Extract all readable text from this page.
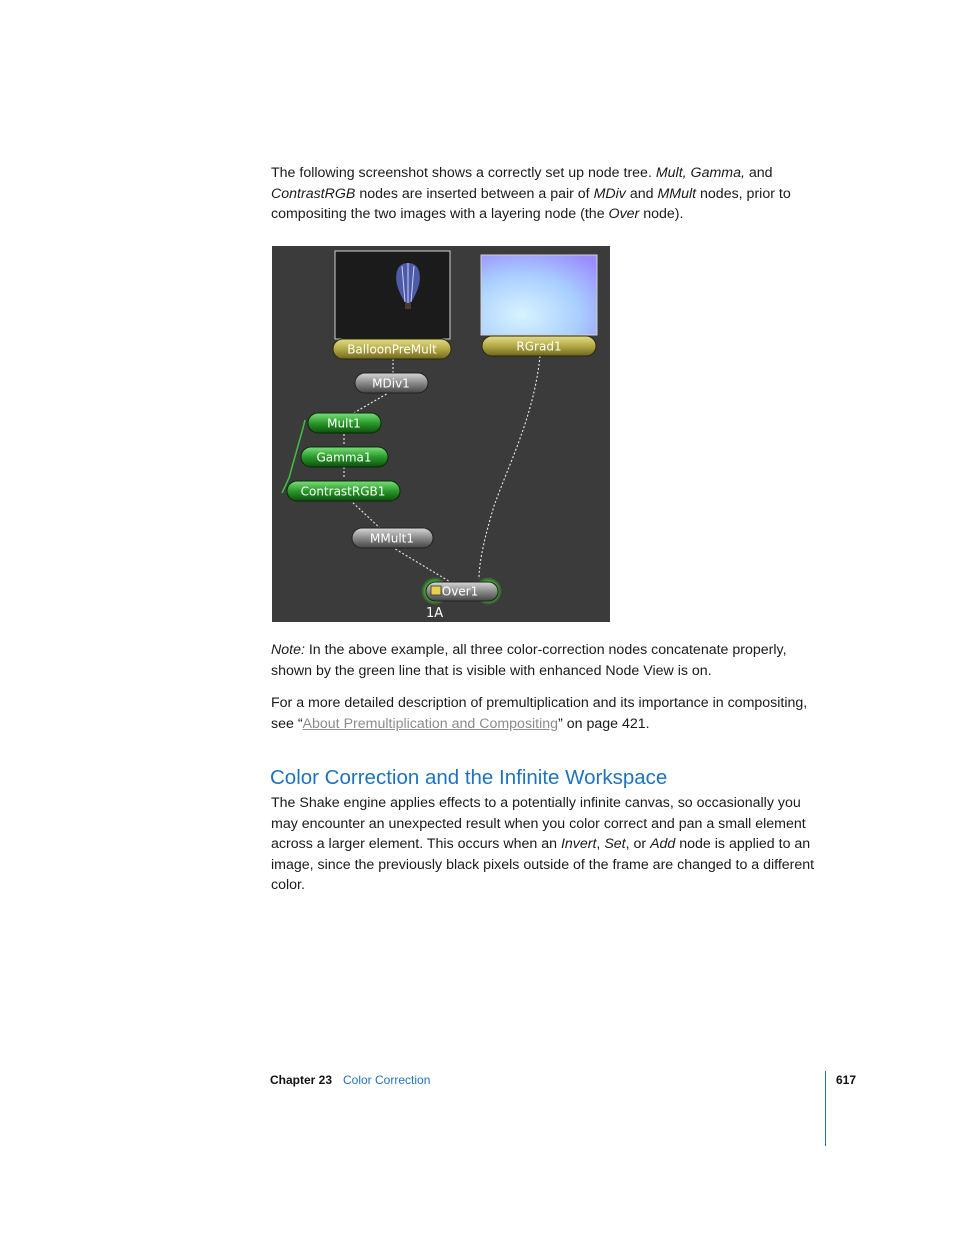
The following screenshot shows a correctly set up node tree. Mult, Gamma, and ContrastRGB nodes are inserted between a pair of MDiv and MMult nodes, prior to compositing the two images with a layering node (the Over node).

BalloonPreMult	RGrad1
MDiv1
Mult1
Gamma1
ContrastRGB1
MMult1
Over1
1A

Note: In the above example, all three color-correction nodes concatenate properly, shown by the green line that is visible with enhanced Node View is on.

For a more detailed description of premultiplication and its importance in compositing, see “About Premultiplication and Compositing” on page 421.

Color Correction and the Infinite Workspace

The Shake engine applies effects to a potentially infinite canvas, so occasionally you may encounter an unexpected result when you color correct and pan a small element across a larger element. This occurs when an Invert, Set, or Add node is applied to an image, since the previously black pixels outside of the frame are changed to a different color.

Chapter 23 Color Correction	617
